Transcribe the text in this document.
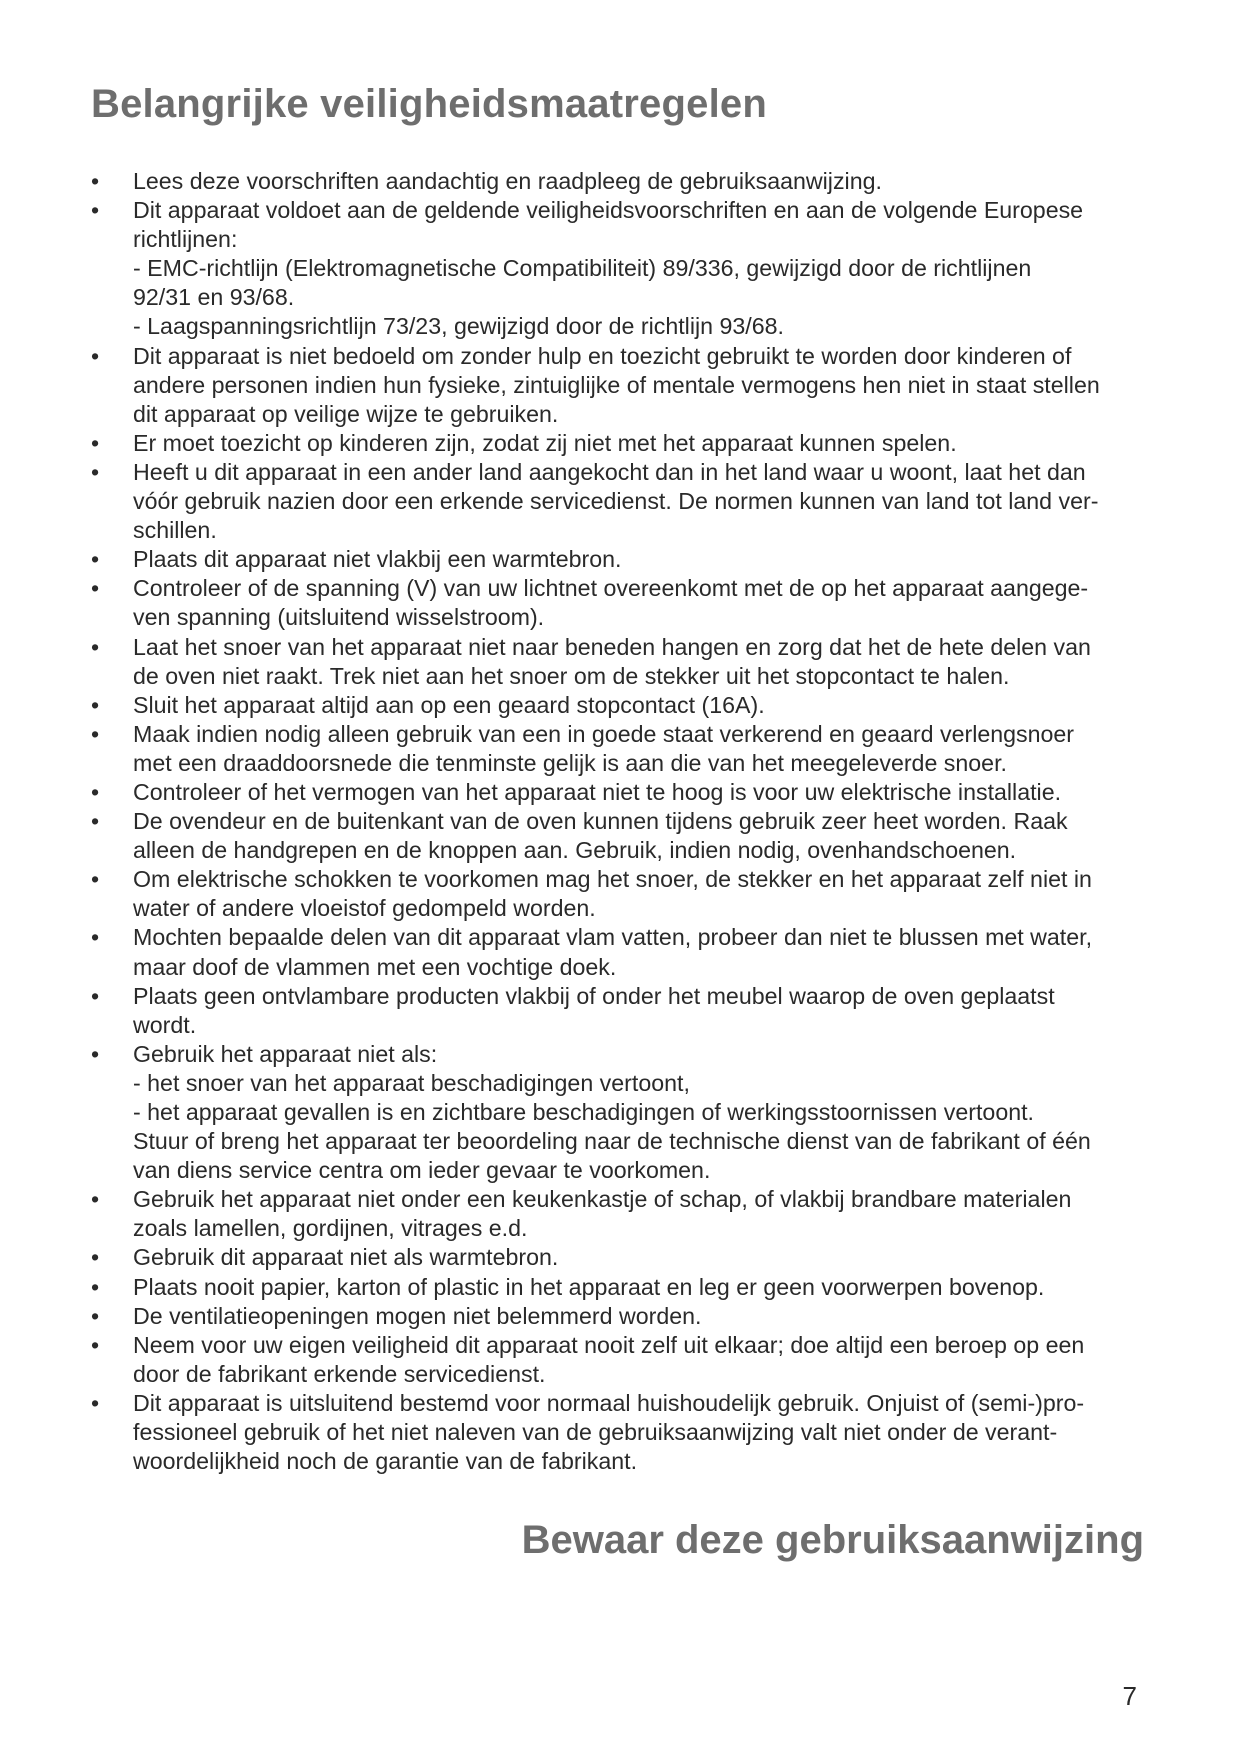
Belangrijke veiligheidsmaatregelen
• Lees deze voorschriften aandachtig en raadpleeg de gebruiksaanwijzing.
• Dit apparaat voldoet aan de geldende veiligheidsvoorschriften en aan de volgende Europese
richtlijnen:
- EMC-richtlijn (Elektromagnetische Compatibiliteit) 89/336, gewijzigd door de richtlijnen
92/31 en 93/68.
- Laagspanningsrichtlijn 73/23, gewijzigd door de richtlijn 93/68.
• Dit apparaat is niet bedoeld om zonder hulp en toezicht gebruikt te worden door kinderen of
andere personen indien hun fysieke, zintuiglijke of mentale vermogens hen niet in staat stellen
dit apparaat op veilige wijze te gebruiken.
• Er moet toezicht op kinderen zijn, zodat zij niet met het apparaat kunnen spelen.
• Heeft u dit apparaat in een ander land aangekocht dan in het land waar u woont, laat het dan
vóór gebruik nazien door een erkende servicedienst. De normen kunnen van land tot land ver-
schillen.
• Plaats dit apparaat niet vlakbij een warmtebron.
• Controleer of de spanning (V) van uw lichtnet overeenkomt met de op het apparaat aangege-
ven spanning (uitsluitend wisselstroom).
• Laat het snoer van het apparaat niet naar beneden hangen en zorg dat het de hete delen van
de oven niet raakt. Trek niet aan het snoer om de stekker uit het stopcontact te halen.
• Sluit het apparaat altijd aan op een geaard stopcontact (16A).
• Maak indien nodig alleen gebruik van een in goede staat verkerend en geaard verlengsnoer
met een draaddoorsnede die tenminste gelijk is aan die van het meegeleverde snoer.
• Controleer of het vermogen van het apparaat niet te hoog is voor uw elektrische installatie.
• De ovendeur en de buitenkant van de oven kunnen tijdens gebruik zeer heet worden. Raak
alleen de handgrepen en de knoppen aan. Gebruik, indien nodig, ovenhandschoenen.
• Om elektrische schokken te voorkomen mag het snoer, de stekker en het apparaat zelf niet in
water of andere vloeistof gedompeld worden.
• Mochten bepaalde delen van dit apparaat vlam vatten, probeer dan niet te blussen met water,
maar doof de vlammen met een vochtige doek.
• Plaats geen ontvlambare producten vlakbij of onder het meubel waarop de oven geplaatst
wordt.
• Gebruik het apparaat niet als:
- het snoer van het apparaat beschadigingen vertoont,
- het apparaat gevallen is en zichtbare beschadigingen of werkingsstoornissen vertoont.
Stuur of breng het apparaat ter beoordeling naar de technische dienst van de fabrikant of één
van diens service centra om ieder gevaar te voorkomen.
• Gebruik het apparaat niet onder een keukenkastje of schap, of vlakbij brandbare materialen
zoals lamellen, gordijnen, vitrages e.d.
• Gebruik dit apparaat niet als warmtebron.
• Plaats nooit papier, karton of plastic in het apparaat en leg er geen voorwerpen bovenop.
• De ventilatieopeningen mogen niet belemmerd worden.
• Neem voor uw eigen veiligheid dit apparaat nooit zelf uit elkaar; doe altijd een beroep op een
door de fabrikant erkende servicedienst.
• Dit apparaat is uitsluitend bestemd voor normaal huishoudelijk gebruik. Onjuist of (semi-)pro-
fessioneel gebruik of het niet naleven van de gebruiksaanwijzing valt niet onder de verant-
woordelijkheid noch de garantie van de fabrikant.
Bewaar deze gebruiksaanwijzing
7
